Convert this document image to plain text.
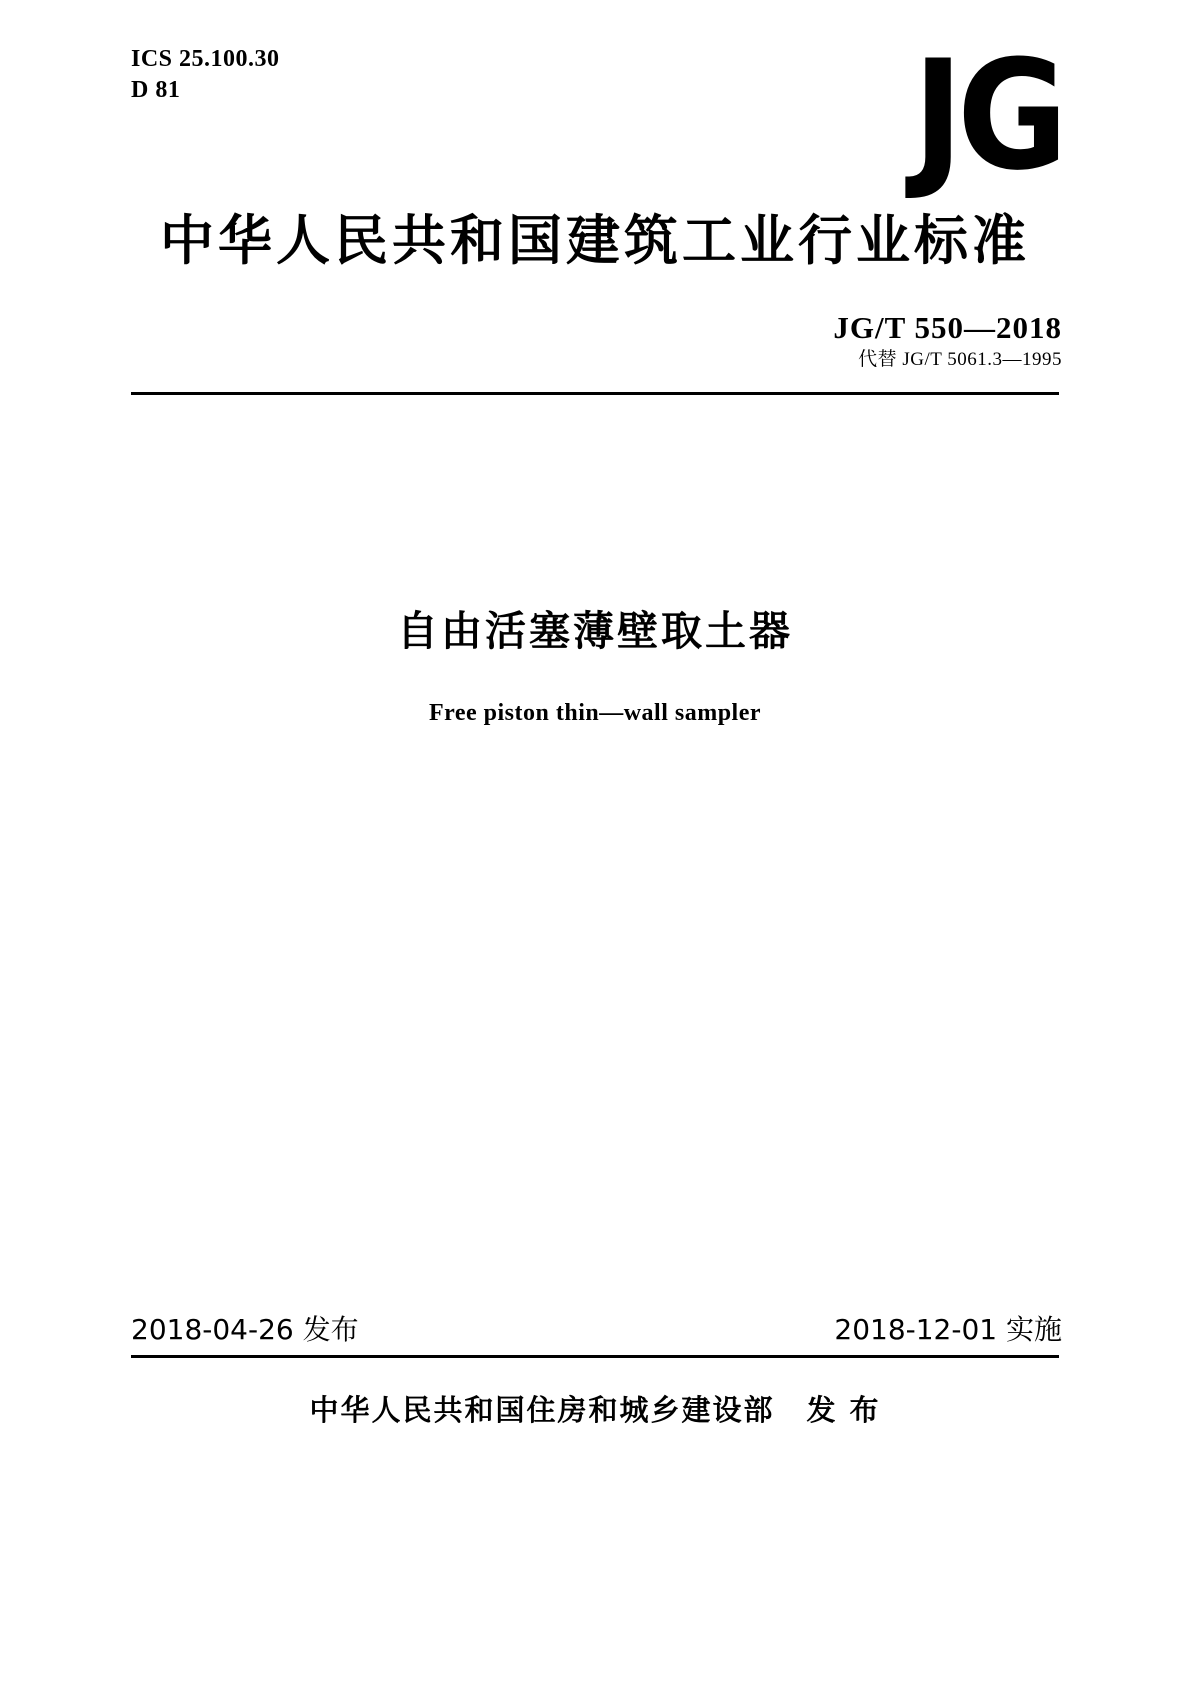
ICS 25.100.30
D 81	JG
中华人民共和国建筑工业行业标准
JG/T 550—2018
代替 JG/T 5061.3—1995
自由活塞薄壁取土器
Free piston thin—wall sampler
2018-04-26 发布	2018-12-01 实施
中华人民共和国住房和城乡建设部 发 布
